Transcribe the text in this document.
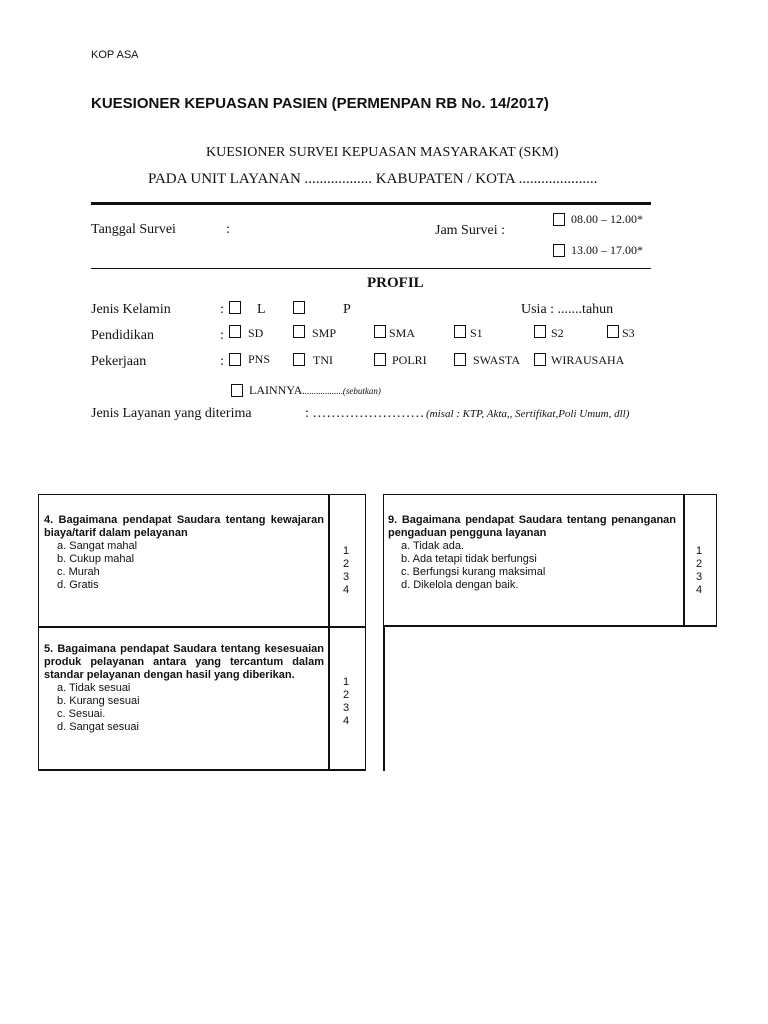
KOP ASA
KUESIONER KEPUASAN PASIEN (PERMENPAN RB No. 14/2017)
KUESIONER SURVEI KEPUASAN MASYARAKAT (SKM)
PADA UNIT LAYANAN .................. KABUPATEN / KOTA .....................
Tanggal Survei	:	Jam Survei :
08.00 – 12.00*
13.00 – 17.00*
PROFIL
Jenis Kelamin	: L	P	Usia : .......tahun
Pendidikan	: SD	SMP	SMA	S1	S2	S3
Pekerjaan	: PNS	TNI	POLRI	SWASTA	WIRAUSAHA
LAINNYA..................(sebutkan)
Jenis Layanan yang diterima	: …………………… (misal : KTP, Akta,, Sertifikat,Poli Umum, dll)
4. Bagaimana pendapat Saudara tentang kewajaran biaya/tarif dalam pelayanan
a. Sangat mahal
b. Cukup mahal
c. Murah
d. Gratis
1
2
3
4
5. Bagaimana pendapat Saudara tentang kesesuaian produk pelayanan antara yang tercantum dalam standar pelayanan dengan hasil yang diberikan.
a. Tidak sesuai
b. Kurang sesuai
c. Sesuai.
d. Sangat sesuai
1
2
3
4
9. Bagaimana pendapat Saudara tentang penanganan pengaduan pengguna layanan
a. Tidak ada.
b. Ada tetapi tidak berfungsi
c. Berfungsi kurang maksimal
d. Dikelola dengan baik.
1
2
3
4
